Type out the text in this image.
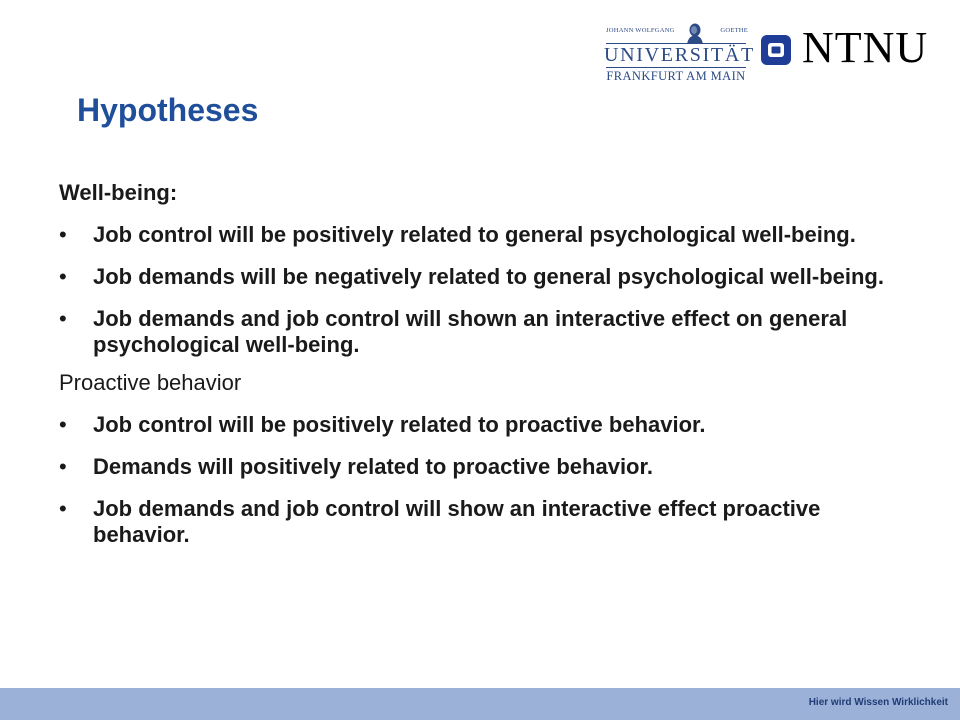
JOHANN WOLFGANG	GOETHE
UNIVERSITÄT
FRANKFURT AM MAIN
NTNU
Hypotheses

Well-being:

• Job control will be positively related to general psychological well-being.
• Job demands will be negatively related to general psychological well-being.
• Job demands and job control will shown an interactive effect on general psychological well-being.

Proactive behavior

• Job control will be positively related to proactive behavior.
• Demands will positively related to proactive behavior.
• Job demands and job control will show an interactive effect proactive behavior.
Hier wird Wissen Wirklichkeit
